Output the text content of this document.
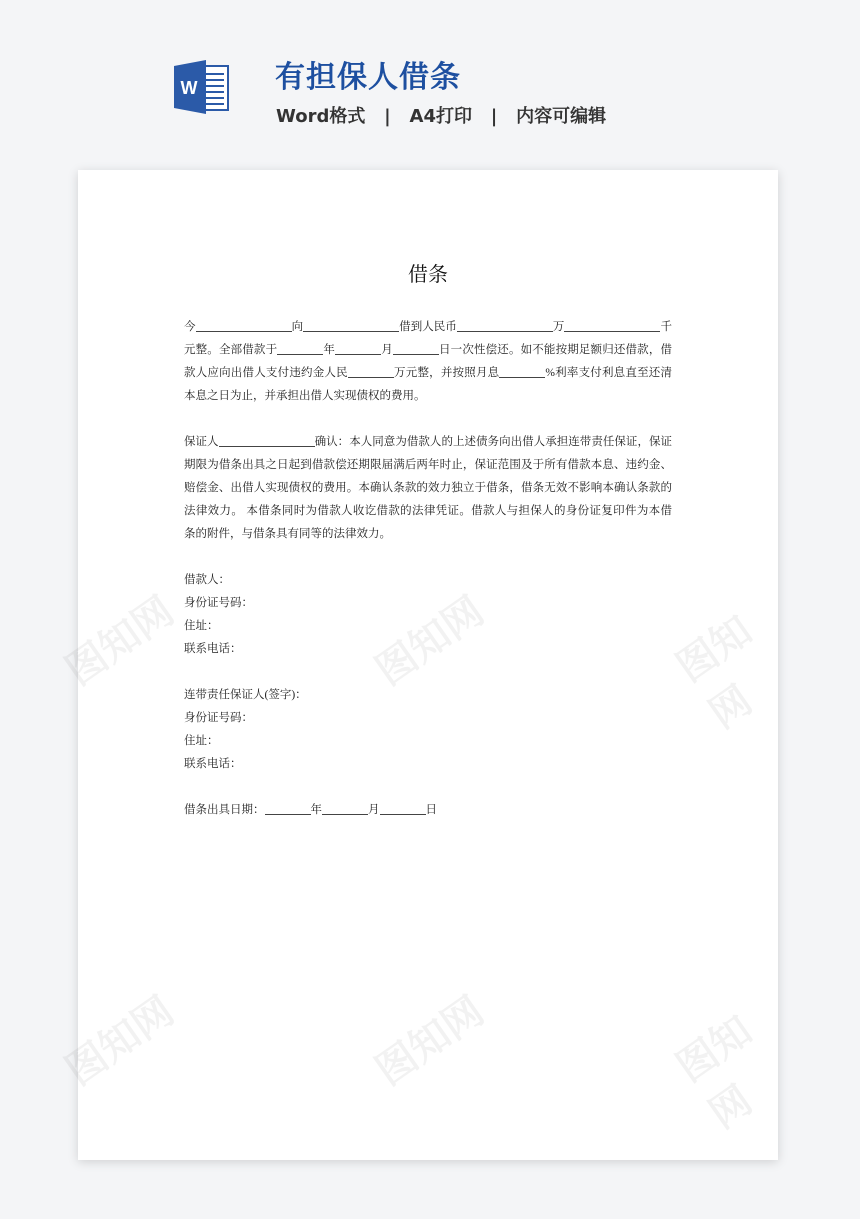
W	有担保人借条
Word格式   |   A4打印   |   内容可编辑
图知网	图知网	图知网
图知网	图知网	图知网
借条
今	向	借到人民币	万	千
元整。全部借款于	年	月	日一次性偿还。如不能按期足额归还借款，借
款人应向出借人支付违约金人民	万元整，并按照月息	%利率支付利息直至还清
本息之日为止，并承担出借人实现债权的费用。
保证人	确认：本人同意为借款人的上述债务向出借人承担连带责任保证，保证
期限为借条出具之日起到借款偿还期限届满后两年时止，保证范围及于所有借款本息、违约金、
赔偿金、出借人实现债权的费用。本确认条款的效力独立于借条，借条无效不影响本确认条款的
法律效力。 本借条同时为借款人收讫借款的法律凭证。借款人与担保人的身份证复印件为本借
条的附件，与借条具有同等的法律效力。
借款人：
身份证号码：
住址：
联系电话：
连带责任保证人(签字)：
身份证号码：
住址：
联系电话：
借条出具日期：	年	月	日
